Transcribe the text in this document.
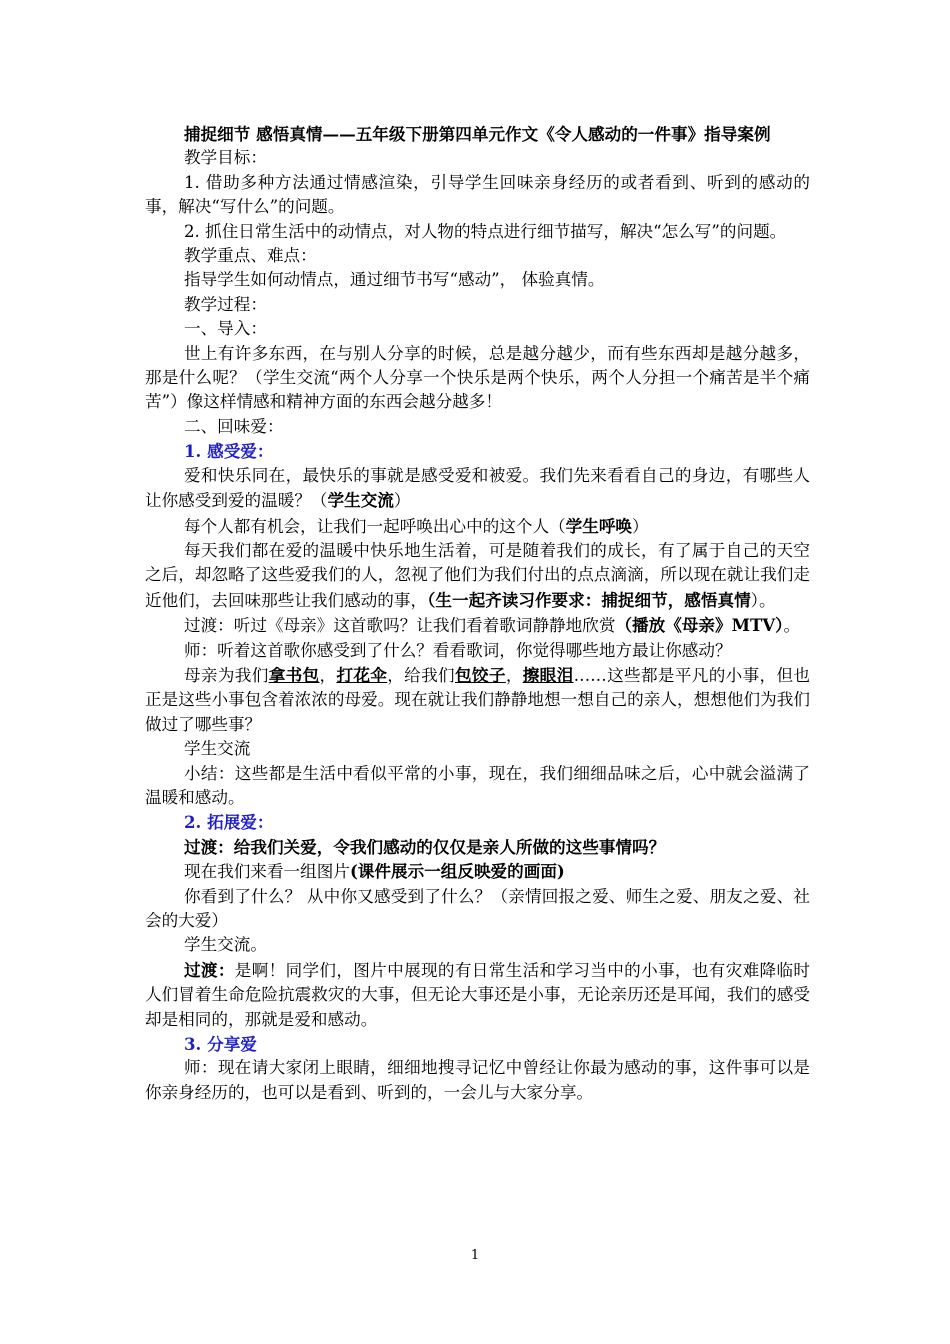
捕捉细节 感悟真情——五年级下册第四单元作文《令人感动的一件事》指导案例

教学目标：

1. 借助多种方法通过情感渲染，引导学生回味亲身经历的或者看到、听到的感动的事，解决“写什么”的问题。

2. 抓住日常生活中的动情点，对人物的特点进行细节描写，解决“怎么写”的问题。

教学重点、难点：

指导学生如何动情点，通过细节书写“感动”， 体验真情。

教学过程：

一、导入：

世上有许多东西，在与别人分享的时候，总是越分越少，而有些东西却是越分越多，那是什么呢？（学生交流“两个人分享一个快乐是两个快乐，两个人分担一个痛苦是半个痛苦”）像这样情感和精神方面的东西会越分越多！

二、回味爱：

1. 感受爱：

爱和快乐同在，最快乐的事就是感受爱和被爱。我们先来看看自己的身边，有哪些人让你感受到爱的温暖？（学生交流）

每个人都有机会，让我们一起呼唤出心中的这个人（学生呼唤）

每天我们都在爱的温暖中快乐地生活着，可是随着我们的成长，有了属于自己的天空之后，却忽略了这些爱我们的人，忽视了他们为我们付出的点点滴滴，所以现在就让我们走近他们，去回味那些让我们感动的事，（生一起齐读习作要求：捕捉细节，感悟真情）。

过渡：听过《母亲》这首歌吗？让我们看着歌词静静地欣赏（播放《母亲》MTV）。

师：听着这首歌你感受到了什么？看看歌词，你觉得哪些地方最让你感动？

母亲为我们拿书包，打花伞，给我们包饺子，擦眼泪……这些都是平凡的小事，但也正是这些小事包含着浓浓的母爱。现在就让我们静静地想一想自己的亲人，想想他们为我们做过了哪些事？

学生交流

小结：这些都是生活中看似平常的小事，现在，我们细细品味之后，心中就会溢满了温暖和感动。

2. 拓展爱：

过渡：给我们关爱，令我们感动的仅仅是亲人所做的这些事情吗？

现在我们来看一组图片(课件展示一组反映爱的画面)

你看到了什么？ 从中你又感受到了什么？（亲情回报之爱、师生之爱、朋友之爱、社会的大爱）

学生交流。

过渡：是啊！同学们，图片中展现的有日常生活和学习当中的小事，也有灾难降临时人们冒着生命危险抗震救灾的大事，但无论大事还是小事，无论亲历还是耳闻，我们的感受却是相同的，那就是爱和感动。

3. 分享爱

师：现在请大家闭上眼睛，细细地搜寻记忆中曾经让你最为感动的事，这件事可以是你亲身经历的，也可以是看到、听到的，一会儿与大家分享。

1
